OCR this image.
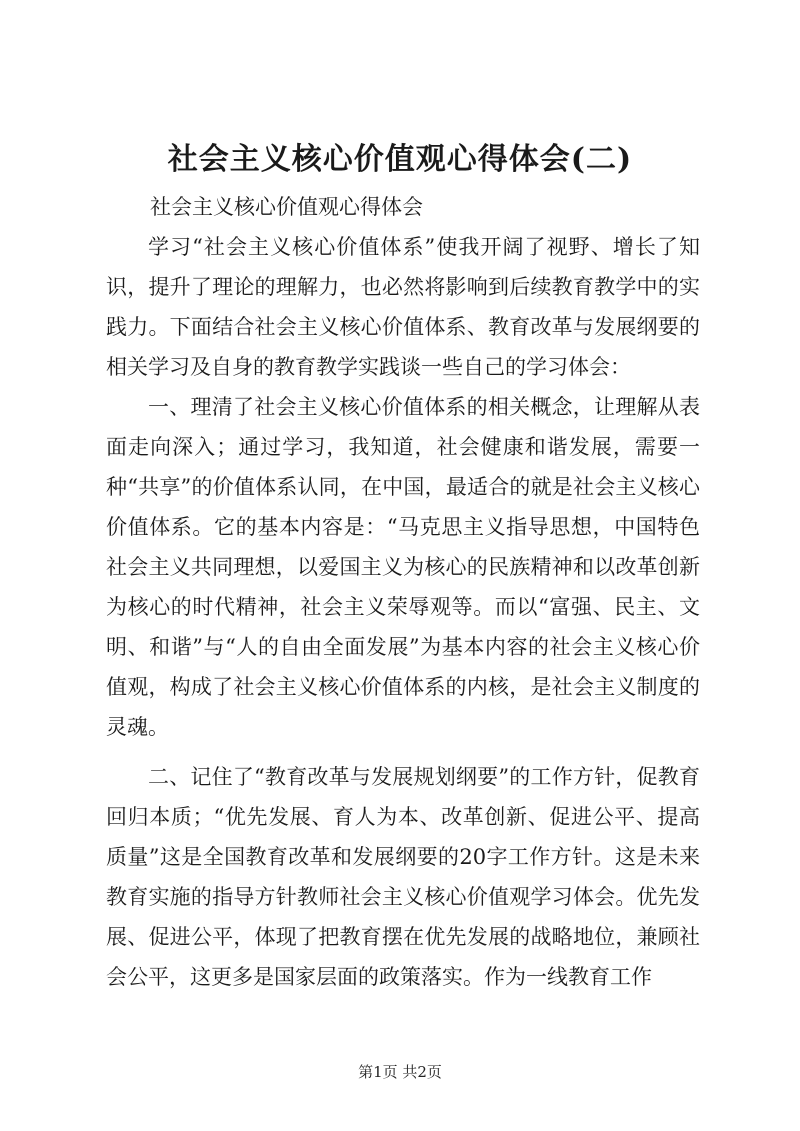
社会主义核心价值观心得体会(二)
社会主义核心价值观心得体会

学习“社会主义核心价值体系”使我开阔了视野、增长了知识，提升了理论的理解力，也必然将影响到后续教育教学中的实践力。下面结合社会主义核心价值体系、教育改革与发展纲要的相关学习及自身的教育教学实践谈一些自己的学习体会：

一、理清了社会主义核心价值体系的相关概念，让理解从表面走向深入；通过学习，我知道，社会健康和谐发展，需要一种“共享”的价值体系认同，在中国，最适合的就是社会主义核心价值体系。它的基本内容是：“马克思主义指导思想，中国特色社会主义共同理想，以爱国主义为核心的民族精神和以改革创新为核心的时代精神，社会主义荣辱观等。而以“富强、民主、文明、和谐”与“人的自由全面发展”为基本内容的社会主义核心价值观，构成了社会主义核心价值体系的内核，是社会主义制度的灵魂。

二、记住了“教育改革与发展规划纲要”的工作方针，促教育回归本质；“优先发展、育人为本、改革创新、促进公平、提高质量”这是全国教育改革和发展纲要的20字工作方针。这是未来教育实施的指导方针教师社会主义核心价值观学习体会。优先发展、促进公平，体现了把教育摆在优先发展的战略地位，兼顾社会公平，这更多是国家层面的政策落实。作为一线教育工作

第1页 共2页
